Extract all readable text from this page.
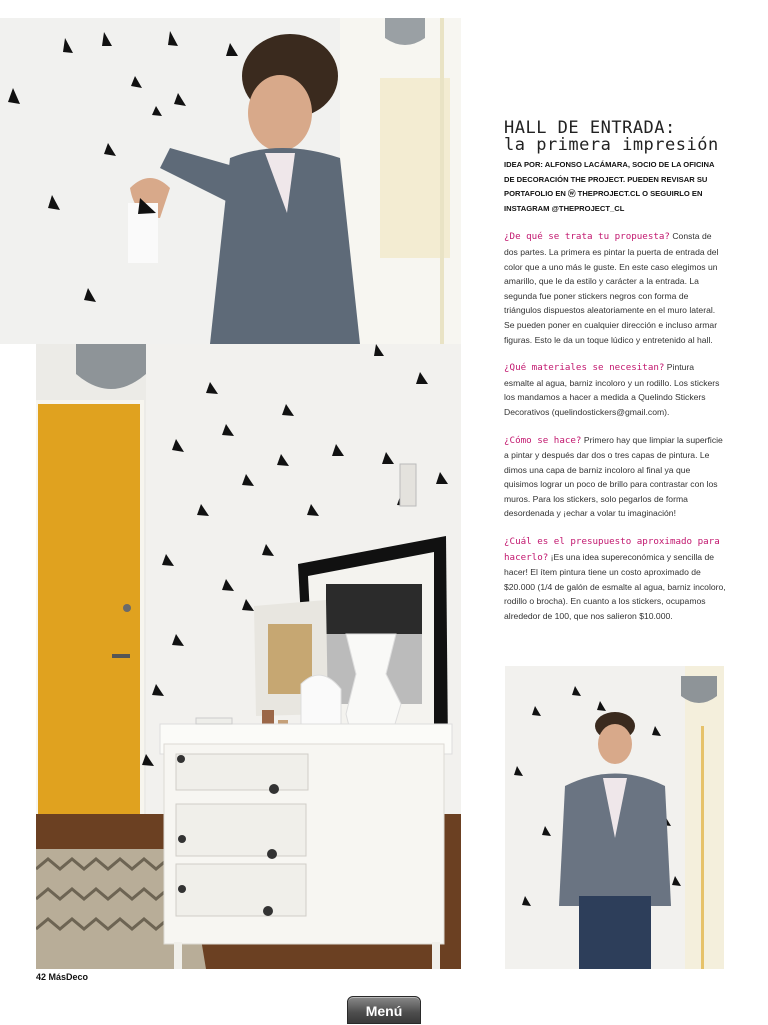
HALL DE ENTRADA:
la primera impresión
IDEA POR: ALFONSO LACÁMARA, SOCIO DE LA OFICINA DE DECORACIÓN THE PROJECT. PUEDEN REVISAR SU PORTAFOLIO EN ⓦ THEPROJECT.CL O SEGUIRLO EN INSTAGRAM @THEPROJECT_CL
¿De qué se trata tu propuesta? Consta de dos partes. La primera es pintar la puerta de entrada del color que a uno más le guste. En este caso elegimos un amarillo, que le da estilo y carácter a la entrada. La segunda fue poner stickers negros con forma de triángulos dispuestos aleatoriamente en el muro lateral. Se pueden poner en cualquier dirección e incluso armar figuras. Esto le da un toque lúdico y entretenido al hall.
¿Qué materiales se necesitan? Pintura esmalte al agua, barniz incoloro y un rodillo. Los stickers los mandamos a hacer a medida a Quelindo Stickers Decorativos (quelindostickers@gmail.com).
¿Cómo se hace? Primero hay que limpiar la superficie a pintar y después dar dos o tres capas de pintura. Le dimos una capa de barniz incoloro al final ya que quisimos lograr un poco de brillo para contrastar con los muros. Para los stickers, solo pegarlos de forma desordenada y ¡echar a volar tu imaginación!
¿Cuál es el presupuesto aproximado para hacerlo? ¡Es una idea supereconómica y sencilla de hacer! El ítem pintura tiene un costo aproximado de $20.000 (1/4 de galón de esmalte al agua, barniz incoloro, rodillo o brocha). En cuanto a los stickers, ocupamos alrededor de 100, que nos salieron $10.000.
42 MásDeco
Menú
